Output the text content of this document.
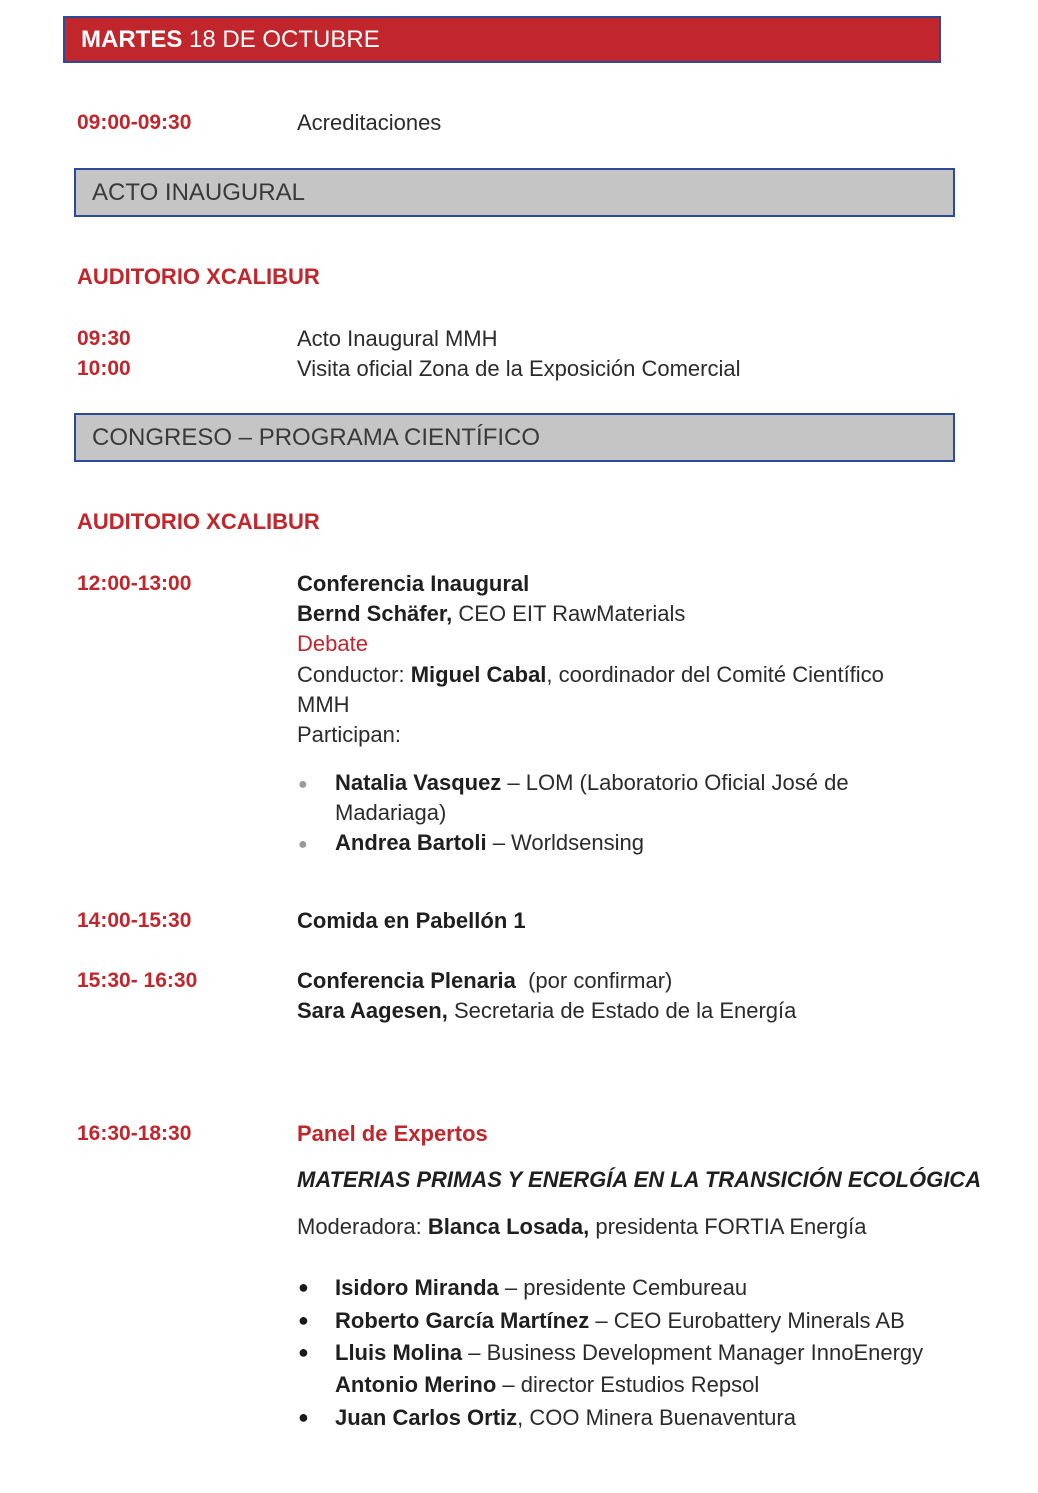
MARTES 18 DE OCTUBRE
09:00-09:30	Acreditaciones
ACTO INAUGURAL
AUDITORIO XCALIBUR
09:30	Acto Inaugural MMH
10:00	Visita oficial Zona de la Exposición Comercial
CONGRESO – PROGRAMA CIENTÍFICO
AUDITORIO XCALIBUR
12:00-13:00	Conferencia Inaugural
Bernd Schäfer, CEO EIT RawMaterials
Debate
Conductor: Miguel Cabal, coordinador del Comité Científico
MMH
Participan:
● Natalia Vasquez – LOM (Laboratorio Oficial José de
Madariaga)
● Andrea Bartoli – Worldsensing
14:00-15:30	Comida en Pabellón 1
15:30- 16:30	Conferencia Plenaria  (por confirmar)
Sara Aagesen, Secretaria de Estado de la Energía
16:30-18:30	Panel de Expertos
MATERIAS PRIMAS Y ENERGÍA EN LA TRANSICIÓN ECOLÓGICA
Moderadora: Blanca Losada, presidenta FORTIA Energía
● Isidoro Miranda – presidente Cembureau
● Roberto García Martínez – CEO Eurobattery Minerals AB
● Lluis Molina – Business Development Manager InnoEnergy
Antonio Merino – director Estudios Repsol
● Juan Carlos Ortiz, COO Minera Buenaventura
